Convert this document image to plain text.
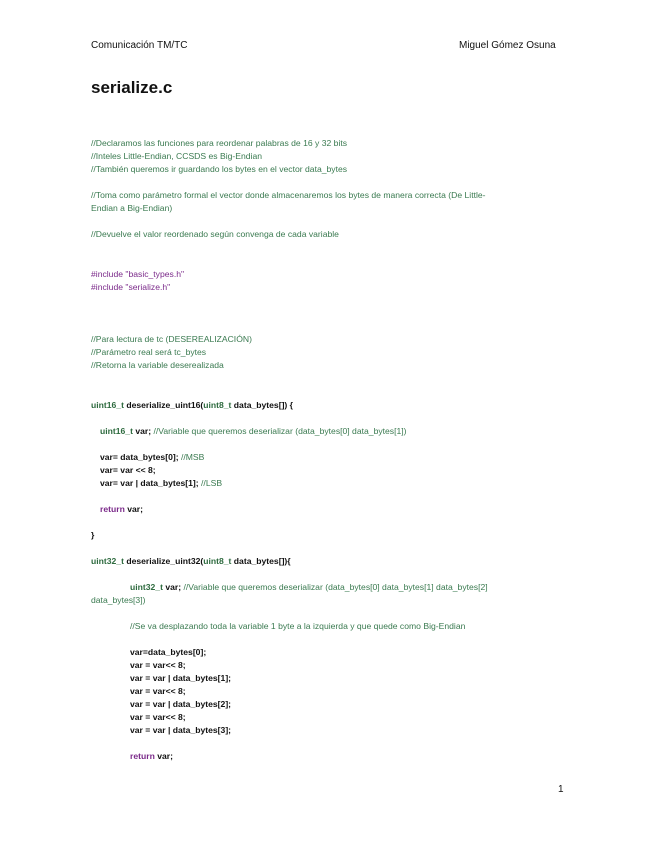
Comunicación TM/TC	Miguel Gómez Osuna
serialize.c
//Declaramos las funciones para reordenar palabras de 16 y 32 bits
//Inteles Little-Endian, CCSDS es Big-Endian
//También queremos ir guardando los bytes en el vector data_bytes
//Toma como parámetro formal el vector donde almacenaremos los bytes de manera correcta (De Little-
Endian a Big-Endian)
//Devuelve el valor reordenado según convenga de cada variable
#include "basic_types.h"
#include "serialize.h"
//Para lectura de tc (DESEREALIZACIÓN)
//Parámetro real será tc_bytes
//Retorna la variable deserealizada
uint16_t deserialize_uint16(uint8_t data_bytes[]) {
uint16_t var; //Variable que queremos deserializar (data_bytes[0] data_bytes[1])
var= data_bytes[0]; //MSB
var= var << 8;
var= var | data_bytes[1]; //LSB
return var;
}
uint32_t deserialize_uint32(uint8_t data_bytes[]){
uint32_t var; //Variable que queremos deserializar (data_bytes[0] data_bytes[1] data_bytes[2]
data_bytes[3])
//Se va desplazando toda la variable 1 byte a la izquierda y que quede como Big-Endian
var=data_bytes[0];
var = var<< 8;
var = var | data_bytes[1];
var = var<< 8;
var = var | data_bytes[2];
var = var<< 8;
var = var | data_bytes[3];
return var;
1
